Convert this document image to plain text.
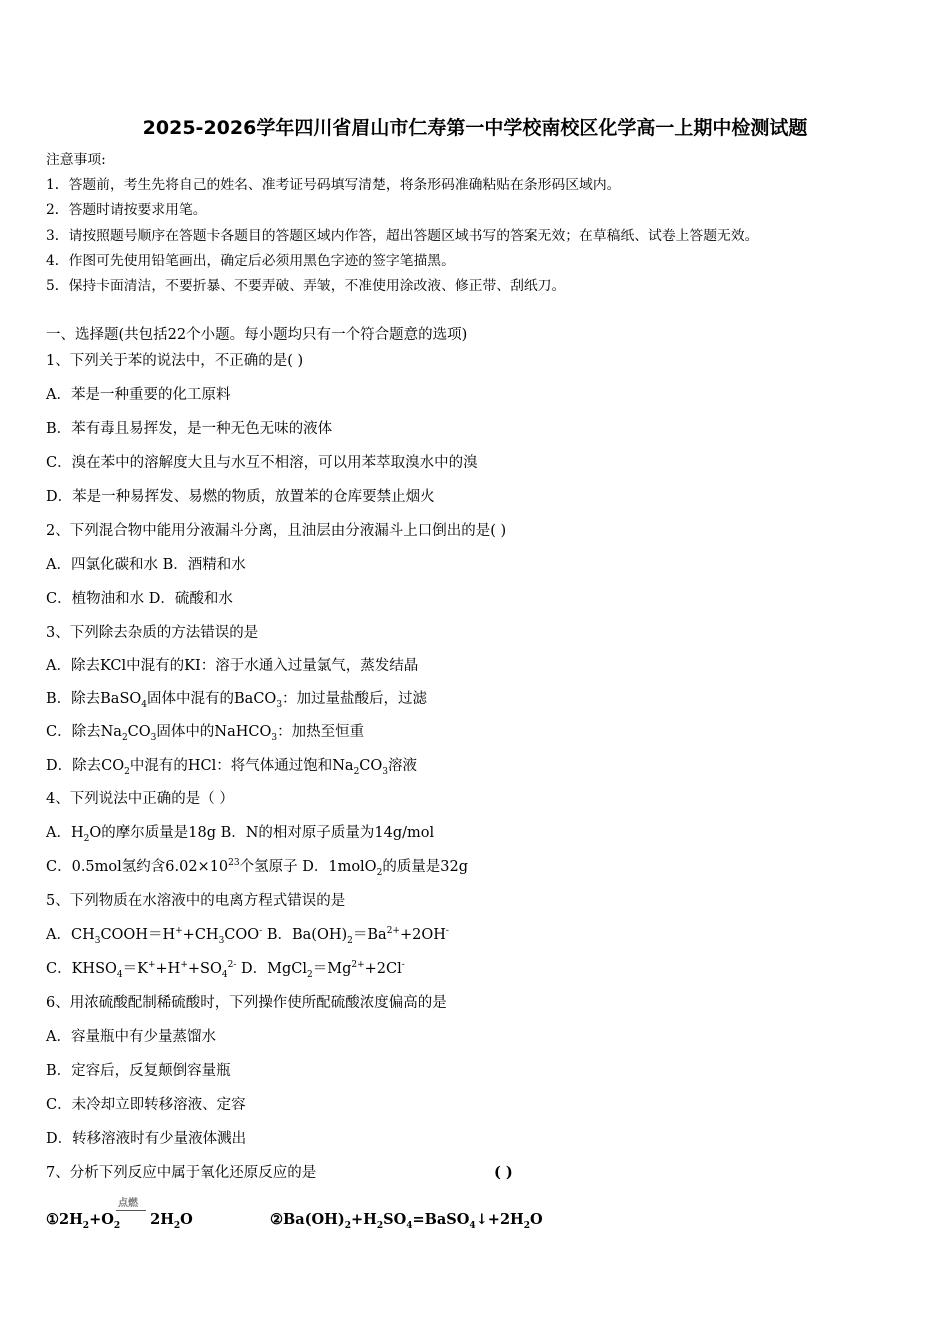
2025-2026学年四川省眉山市仁寿第一中学校南校区化学高一上期中检测试题
注意事项:
1．答题前，考生先将自己的姓名、准考证号码填写清楚，将条形码准确粘贴在条形码区域内。
2．答题时请按要求用笔。
3．请按照题号顺序在答题卡各题目的答题区域内作答，超出答题区域书写的答案无效；在草稿纸、试卷上答题无效。
4．作图可先使用铅笔画出，确定后必须用黑色字迹的签字笔描黑。
5．保持卡面清洁，不要折暴、不要弄破、弄皱，不准使用涂改液、修正带、刮纸刀。
一、选择题(共包括22个小题。每小题均只有一个符合题意的选项)
1、下列关于苯的说法中，不正确的是( )
A．苯是一种重要的化工原料
B．苯有毒且易挥发，是一种无色无味的液体
C．溴在苯中的溶解度大且与水互不相溶，可以用苯萃取溴水中的溴
D．苯是一种易挥发、易燃的物质，放置苯的仓库要禁止烟火
2、下列混合物中能用分液漏斗分离，且油层由分液漏斗上口倒出的是( )
A．四氯化碳和水 B．酒精和水
C．植物油和水 D．硫酸和水
3、下列除去杂质的方法错误的是
A．除去KCl中混有的KI：溶于水通入过量氯气，蒸发结晶
B．除去BaSO$_4$固体中混有的BaCO$_3$：加过量盐酸后，过滤
C．除去$Na_2CO_3$固体中的NaHCO$_3$：加热至恒重
D．除去$CO_2$中混有的HCl：将气体通过饱和$Na_2CO_3$溶液
4、下列说法中正确的是（ ）
A．$H_2O$的摩尔质量是18g B．N的相对原子质量为14g/mol
C．0.5mol氢约含$6.02\times 10^{23}$个氢原子 D．1molO$_2$的质量是32g
5、下列物质在水溶液中的电离方程式错误的是
A．$CH_3COOH=H^++CH_3COO^-$ B．$Ba(OH)_2=Ba^{2+}+2OH^-$
C．$KHSO_4=K^++H^++SO_4^{2-}$ D．$MgCl_2=Mg^{2+}+2Cl^-$
6、用浓硫酸配制稀硫酸时，下列操作使所配硫酸浓度偏高的是
A．容量瓶中有少量蒸馏水
B．定容后，反复颠倒容量瓶
C．未冷却立即转移溶液、定容
D．转移溶液时有少量液体溅出
7、分析下列反应中属于氧化还原反应的是	( )
点燃
$①2H_2+O_2$ $2H_2O$	$②Ba(OH)_2+H_2SO_4=BaSO_4↓+2H_2O$
